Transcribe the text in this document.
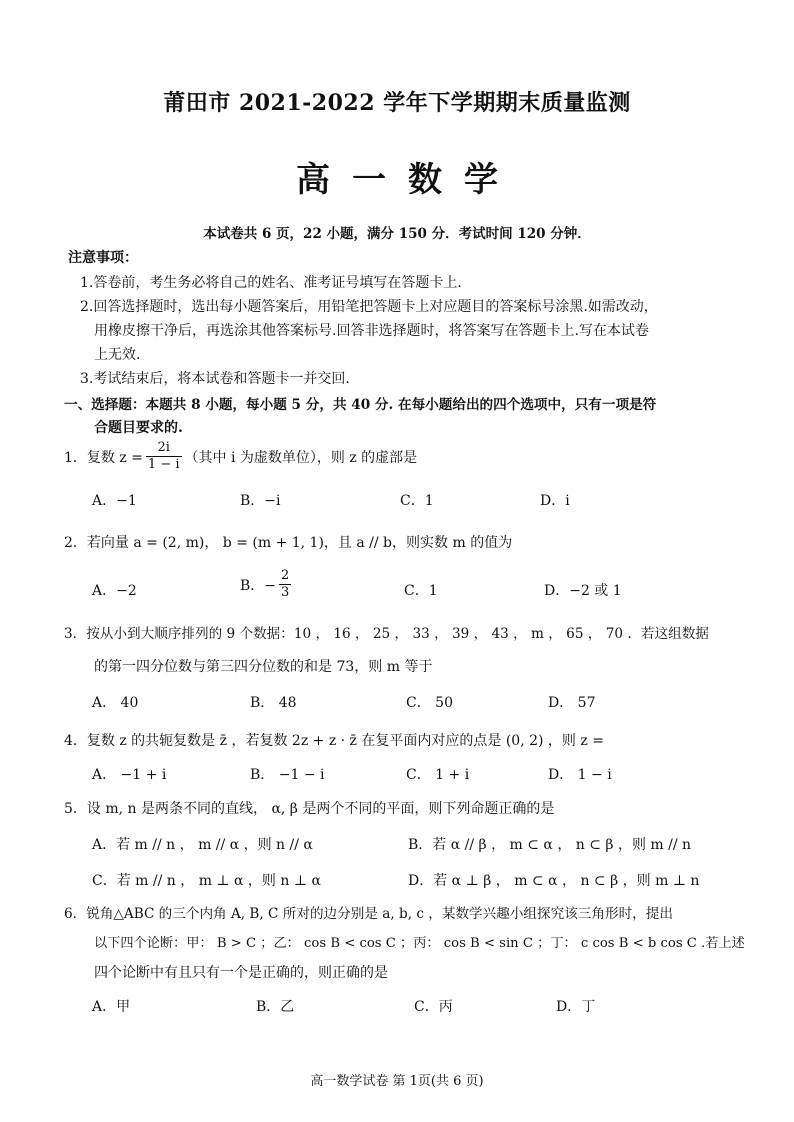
莆田市 2021-2022 学年下学期期末质量监测
高一数学
本试卷共 6 页，22 小题，满分 150 分．考试时间 120 分钟．
注意事项：
1.答卷前，考生务必将自己的姓名、准考证号填写在答题卡上.
2.回答选择题时，选出每小题答案后，用铅笔把答题卡上对应题目的答案标号涂黑.如需改动，
用橡皮擦干净后，再选涂其他答案标号.回答非选择题时，将答案写在答题卡上.写在本试卷
上无效.
3.考试结束后，将本试卷和答题卡一并交回.
一、选择题：本题共 8 小题，每小题 5 分，共 40 分. 在每小题给出的四个选项中，只有一项是符
合题目要求的.
1．复数 $z = \frac{2i}{1 - i}$ （其中 i 为虚数单位），则 z 的虚部是
A．−1	B．−i	C．1	D．i
2．若向量 a = (2, m)， b = (m + 1, 1)，且 a // b，则实数 m 的值为
A．−2	B．− $\frac{2}{3}$	C．1	D．−2 或 1
3．按从小到大顺序排列的 9 个数据：10 ， 16 ， 25 ， 33 ， 39 ， 43 ， m ， 65 ， 70 ．若这组数据
的第一四分位数与第三四分位数的和是 73，则 m 等于
A． 40	B． 48	C． 50	D． 57
4．复数 z 的共轭复数是 z̄ ，若复数 2z + z · z̄ 在复平面内对应的点是 (0, 2) ，则 z =
A． −1 + i	B． −1 − i	C． 1 + i	D． 1 − i
5．设 m, n 是两条不同的直线， α, β 是两个不同的平面，则下列命题正确的是
A．若 m // n ， m // α ，则 n // α	B．若 α // β ， m ⊂ α ， n ⊂ β ，则 m // n
C．若 m // n ， m ⊥ α ，则 n ⊥ α	D．若 α ⊥ β ， m ⊂ α ， n ⊂ β ，则 m ⊥ n
6．锐角△ABC 的三个内角 A, B, C 所对的边分别是 a, b, c ，某数学兴趣小组探究该三角形时，提出
以下四个论断：甲： B > C ；乙： cos B < cos C ；丙： cos B < sin C ；丁： c cos B < b cos C .若上述
四个论断中有且只有一个是正确的，则正确的是
A．甲	B．乙	C．丙	D．丁
高一数学试卷 第 1页(共 6 页)
